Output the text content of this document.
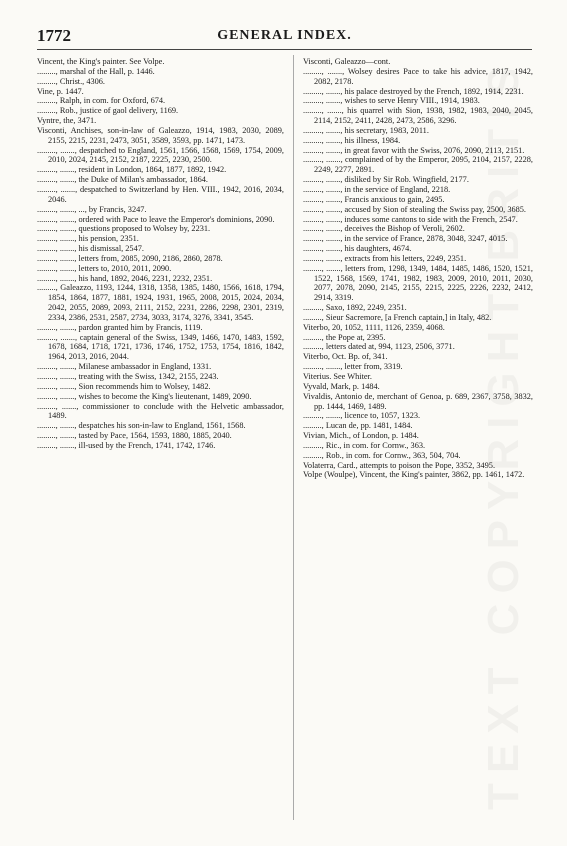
1772	GENERAL INDEX.

Vincent, the King's painter. See Volpe.

........., marshal of the Hall, p. 1446.

........., Christ., 4306.

Vine, p. 1447.

........., Ralph, in com. for Oxford, 674.

........., Rob., justice of gaol delivery, 1169.

Vyntre, the, 3471.

Visconti, Anchises, son-in-law of Galeazzo, 1914, 1983, 2030, 2089, 2155, 2215, 2231, 2473, 3051, 3589, 3593, pp. 1471, 1473.

........., ......., despatched to England, 1561, 1566, 1568, 1569, 1754, 2009, 2010, 2024, 2145, 2152, 2187, 2225, 2230, 2500.

........., ......., resident in London, 1864, 1877, 1892, 1942.

........., ......., the Duke of Milan's ambassador, 1864.

........., ......., despatched to Switzerland by Hen. VIII., 1942, 2016, 2034, 2046.

........., ......., ..., by Francis, 3247.

........., ......., ordered with Pace to leave the Emperor's dominions, 2090.

........., ......., questions proposed to Wolsey by, 2231.

........., ......., his pension, 2351.

........., ......., his dismissal, 2547.

........., ......., letters from, 2085, 2090, 2186, 2860, 2878.

........., ......., letters to, 2010, 2011, 2090.

........., ......., his hand, 1892, 2046, 2231, 2232, 2351.

........., Galeazzo, 1193, 1244, 1318, 1358, 1385, 1480, 1566, 1618, 1794, 1854, 1864, 1877, 1881, 1924, 1931, 1965, 2008, 2015, 2024, 2034, 2042, 2055, 2089, 2093, 2111, 2152, 2231, 2286, 2298, 2301, 2319, 2334, 2386, 2531, 2587, 2734, 3033, 3174, 3276, 3341, 3545.

........., ......., pardon granted him by Francis, 1119.

........., ......., captain general of the Swiss, 1349, 1466, 1470, 1483, 1592, 1678, 1684, 1718, 1721, 1736, 1746, 1752, 1753, 1754, 1816, 1842, 1964, 2013, 2016, 2044.

........., ......., Milanese ambassador in England, 1331.

........., ......., treating with the Swiss, 1342, 2155, 2243.

........., ......., Sion recommends him to Wolsey, 1482.

........., ......., wishes to become the King's lieutenant, 1489, 2090.

........., ......., commissioner to conclude with the Helvetic ambassador, 1489.

........., ......., despatches his son-in-law to England, 1561, 1568.

........., ......., tasted by Pace, 1564, 1593, 1880, 1885, 2040.

........., ......., ill-used by the French, 1741, 1742, 1746.

Visconti, Galeazzo—cont.

........., ......., Wolsey desires Pace to take his advice, 1817, 1942, 2082, 2178.

........., ......., his palace destroyed by the French, 1892, 1914, 2231.

........., ......., wishes to serve Henry VIII., 1914, 1983.

........., ......., his quarrel with Sion, 1938, 1982, 1983, 2040, 2045, 2114, 2152, 2411, 2428, 2473, 2586, 3296.

........., ......., his secretary, 1983, 2011.

........., ......., his illness, 1984.

........., ......., in great favor with the Swiss, 2076, 2090, 2113, 2151.

........., ......., complained of by the Emperor, 2095, 2104, 2157, 2228, 2249, 2277, 2891.

........., ......., disliked by Sir Rob. Wingfield, 2177.

........., ......., in the service of England, 2218.

........., ......., Francis anxious to gain, 2495.

........., ......., accused by Sion of stealing the Swiss pay, 2500, 3685.

........., ......., induces some cantons to side with the French, 2547.

........., ......., deceives the Bishop of Veroli, 2602.

........., ......., in the service of France, 2878, 3048, 3247, 4015.

........., ......., his daughters, 4674.

........., ......., extracts from his letters, 2249, 2351.

........., ......., letters from, 1298, 1349, 1484, 1485, 1486, 1520, 1521, 1522, 1568, 1569, 1741, 1982, 1983, 2009, 2010, 2011, 2030, 2077, 2078, 2090, 2145, 2155, 2215, 2225, 2226, 2232, 2412, 2914, 3319.

........., Saxo, 1892, 2249, 2351.

........., Sieur Sacremore, [a French captain,] in Italy, 482.

Viterbo, 20, 1052, 1111, 1126, 2359, 4068.

........., the Pope at, 2395.

........., letters dated at, 994, 1123, 2506, 3771.

Viterbo, Oct. Bp. of, 341.

........., ......., letter from, 3319.

Viterius. See Whiter.

Vyvald, Mark, p. 1484.

Vivaldis, Antonio de, merchant of Genoa, p. 689, 2367, 3758, 3832, pp. 1444, 1469, 1489.

........., ......., licence to, 1057, 1323.

........., Lucan de, pp. 1481, 1484.

Vivian, Mich., of London, p. 1484.

........., Ric., in com. for Cornw., 363.

........., Rob., in com. for Cornw., 363, 504, 704.

Volaterra, Card., attempts to poison the Pope, 3352, 3495.

Volpe (Woulpe), Vincent, the King's painter, 3862, pp. 1461, 1472.
